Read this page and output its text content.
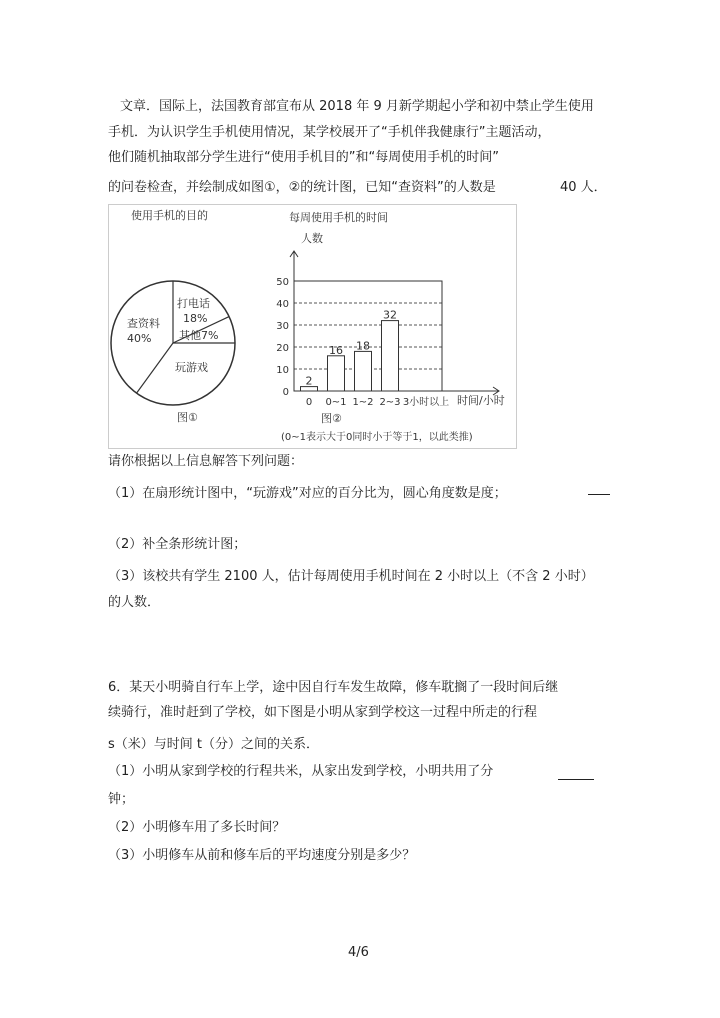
文章．国际上，法国教育部宣布从 2018 年 9 月新学期起小学和初中禁止学生使用
手机．为认识学生手机使用情况，某学校展开了“手机伴我健康行”主题活动，
他们随机抽取部分学生进行“使用手机目的”和“每周使用手机的时间”
的问卷检查，并绘制成如图①，②的统计图，已知“查资料”的人数是	40 人．
使用手机的目的	每周使用手机的时间
打电话
18%
其他7%
玩游戏
查资料
40%
图①
0
10
20
30
40
50
0
2
0~1
16
1~2
18
2~3
32
3小时以上
人数
时间/小时
图②
(0~1表示大于0同时小于等于1，以此类推)
请你根据以上信息解答下列问题：
（1）在扇形统计图中，“玩游戏”对应的百分比为，圆心角度数是度；
（2）补全条形统计图；
（3）该校共有学生 2100 人，估计每周使用手机时间在 2 小时以上（不含 2 小时）
的人数．
6．某天小明骑自行车上学，途中因自行车发生故障，修车耽搁了一段时间后继
续骑行，准时赶到了学校，如下图是小明从家到学校这一过程中所走的行程
s（米）与时间 t（分）之间的关系．
（1）小明从家到学校的行程共米，从家出发到学校，小明共用了分
钟；
（2）小明修车用了多长时间？
（3）小明修车从前和修车后的平均速度分别是多少？
4/6
